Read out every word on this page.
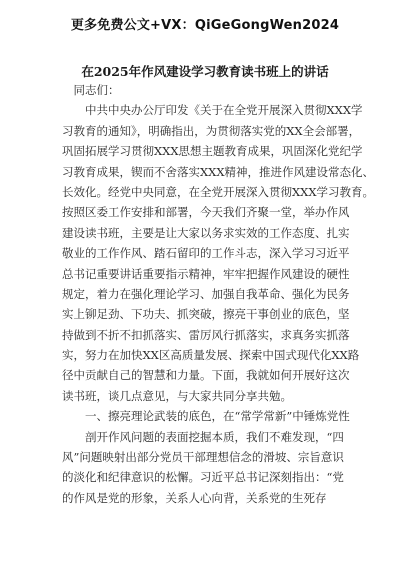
更多免费公文+VX：QiGeGongWen2024
在2025年作风建设学习教育读书班上的讲话
　同志们：
　　中共中央办公厅印发《关于在全党开展深入贯彻XXX学
习教育的通知》，明确指出，为贯彻落实党的XX全会部署，
巩固拓展学习贯彻XXX思想主题教育成果，巩固深化党纪学
习教育成果，锲而不舍落实XXX精神，推进作风建设常态化、
长效化。经党中央同意，在全党开展深入贯彻XXX学习教育。
按照区委工作安排和部署，今天我们齐聚一堂，举办作风
建设读书班，主要是让大家以务求实效的工作态度、扎实
敬业的工作作风、踏石留印的工作斗志，深入学习习近平
总书记重要讲话重要指示精神，牢牢把握作风建设的硬性
规定，着力在强化理论学习、加强自我革命、强化为民务
实上铆足劲、下功夫、抓突破，擦亮干事创业的底色，坚
持做到不折不扣抓落实、雷厉风行抓落实，求真务实抓落
实，努力在加快XX区高质量发展、探索中国式现代化XX路
径中贡献自己的智慧和力量。下面，我就如何开展好这次
读书班，谈几点意见，与大家共同分享共勉。
　　一、擦亮理论武装的底色，在“常学常新”中锤炼党性
　　剖开作风问题的表面挖掘本质，我们不难发现，“四
风”问题映射出部分党员干部理想信念的滑坡、宗旨意识
的淡化和纪律意识的松懈。习近平总书记深刻指出：“党
的作风是党的形象，关系人心向背，关系党的生死存
